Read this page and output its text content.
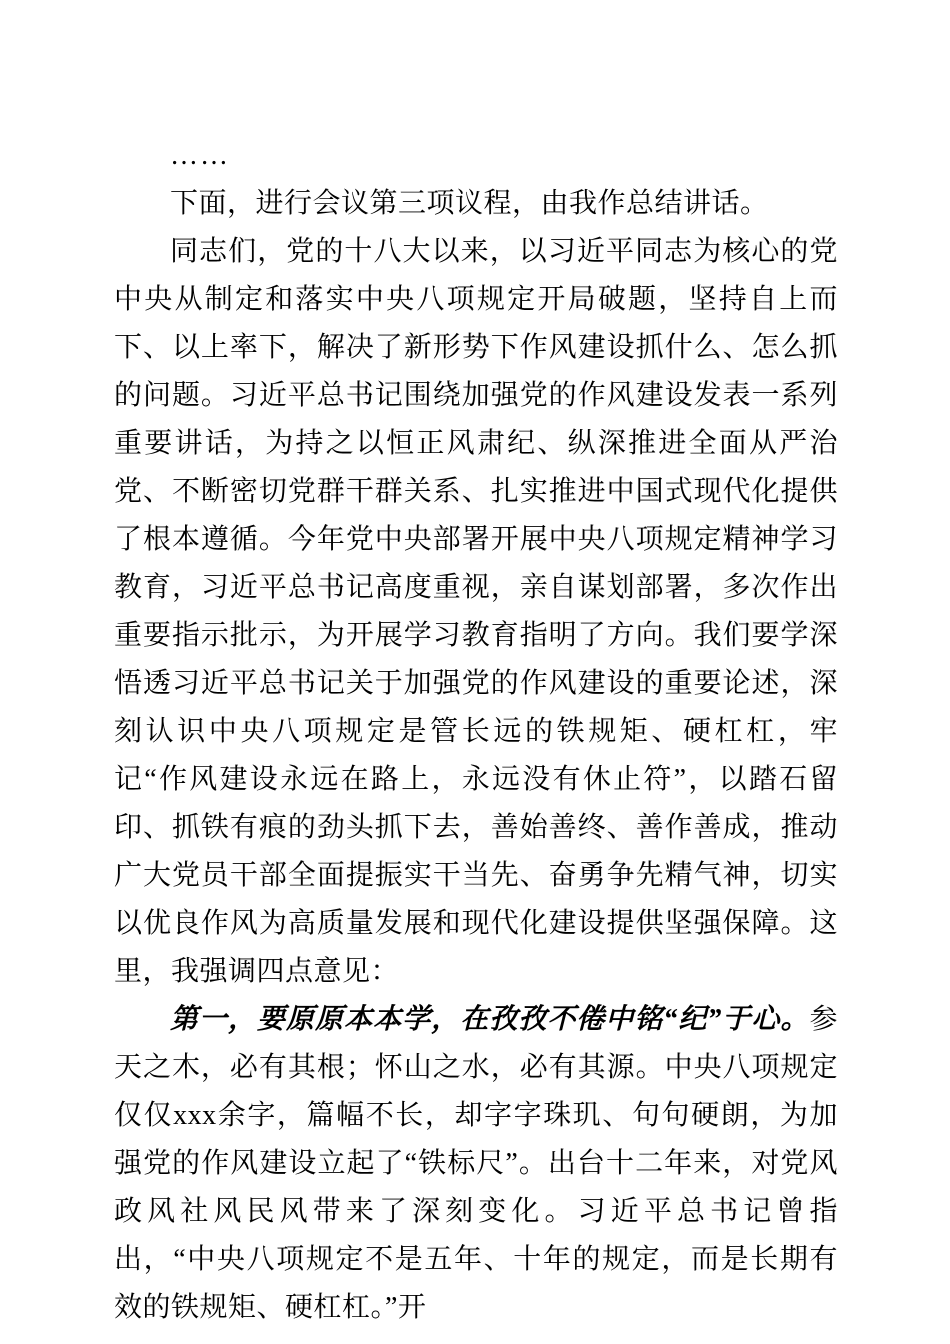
……

下面，进行会议第三项议程，由我作总结讲话。

同志们，党的十八大以来，以习近平同志为核心的党中央从制定和落实中央八项规定开局破题，坚持自上而下、以上率下，解决了新形势下作风建设抓什么、怎么抓的问题。习近平总书记围绕加强党的作风建设发表一系列重要讲话，为持之以恒正风肃纪、纵深推进全面从严治党、不断密切党群干群关系、扎实推进中国式现代化提供了根本遵循。今年党中央部署开展中央八项规定精神学习教育，习近平总书记高度重视，亲自谋划部署，多次作出重要指示批示，为开展学习教育指明了方向。我们要学深悟透习近平总书记关于加强党的作风建设的重要论述，深刻认识中央八项规定是管长远的铁规矩、硬杠杠，牢记“作风建设永远在路上，永远没有休止符”，以踏石留印、抓铁有痕的劲头抓下去，善始善终、善作善成，推动广大党员干部全面提振实干当先、奋勇争先精气神，切实以优良作风为高质量发展和现代化建设提供坚强保障。这里，我强调四点意见：

第一，要原原本本学，在孜孜不倦中铭“纪”于心。参天之木，必有其根；怀山之水，必有其源。中央八项规定仅仅xxx余字，篇幅不长，却字字珠玑、句句硬朗，为加强党的作风建设立起了“铁标尺”。出台十二年来，对党风政风社风民风带来了深刻变化。习近平总书记曾指出，“中央八项规定不是五年、十年的规定，而是长期有效的铁规矩、硬杠杠。”开
